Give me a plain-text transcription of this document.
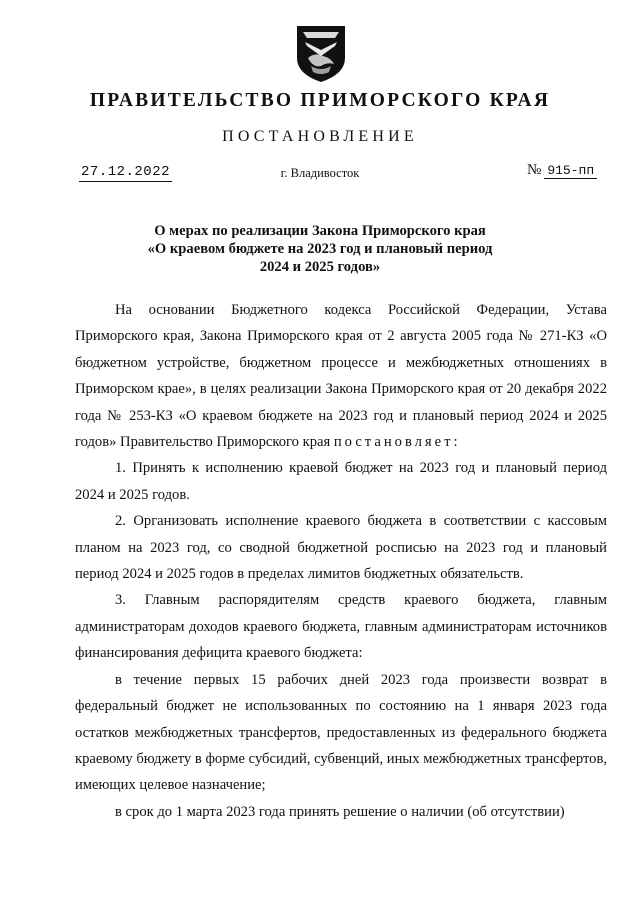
ПРАВИТЕЛЬСТВО ПРИМОРСКОГО КРАЯ
ПОСТАНОВЛЕНИЕ
27.12.2022	г. Владивосток	№ 915-пп
О мерах по реализации Закона Приморского края
«О краевом бюджете на 2023 год и плановый период
2024 и 2025 годов»

На основании Бюджетного кодекса Российской Федерации, Устава Приморского края, Закона Приморского края от 2 августа 2005 года № 271-КЗ «О бюджетном устройстве, бюджетном процессе и межбюджетных отношениях в Приморском крае», в целях реализации Закона Приморского края от 20 декабря 2022 года № 253-КЗ «О краевом бюджете на 2023 год и плановый период 2024 и 2025 годов» Правительство Приморского края постановляет:

1. Принять к исполнению краевой бюджет на 2023 год и плановый период 2024 и 2025 годов.

2. Организовать исполнение краевого бюджета в соответствии с кассовым планом на 2023 год, со сводной бюджетной росписью на 2023 год и плановый период 2024 и 2025 годов в пределах лимитов бюджетных обязательств.

3. Главным распорядителям средств краевого бюджета, главным администраторам доходов краевого бюджета, главным администраторам источников финансирования дефицита краевого бюджета:

в течение первых 15 рабочих дней 2023 года произвести возврат в федеральный бюджет не использованных по состоянию на 1 января 2023 года остатков межбюджетных трансфертов, предоставленных из федерального бюджета краевому бюджету в форме субсидий, субвенций, иных межбюджетных трансфертов, имеющих целевое назначение;

в срок до 1 марта 2023 года принять решение о наличии (об отсутствии)
